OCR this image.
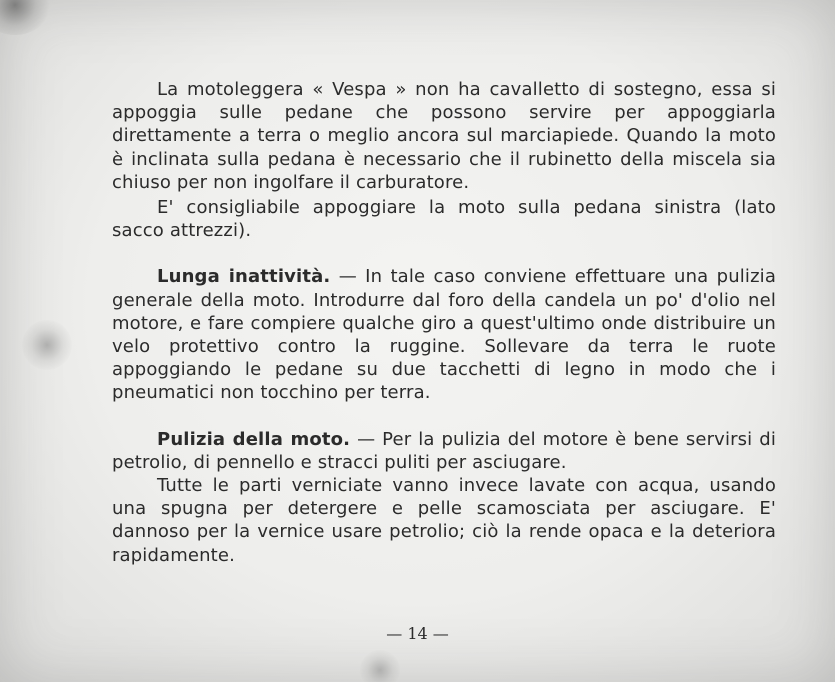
La motoleggera « Vespa » non ha cavalletto di sostegno, essa si appoggia sulle pedane che possono servire per appoggiarla direttamente a terra o meglio ancora sul marciapiede. Quando la moto è inclinata sulla pedana è necessario che il rubinetto della miscela sia chiuso per non ingolfare il carburatore.

E' consigliabile appoggiare la moto sulla pedana sinistra (lato sacco attrezzi).

Lunga inattività. — In tale caso conviene effettuare una pulizia generale della moto. Introdurre dal foro della candela un po' d'olio nel motore, e fare compiere qualche giro a quest'ultimo onde distribuire un velo protettivo contro la ruggine. Sollevare da terra le ruote appoggiando le pedane su due tacchetti di legno in modo che i pneumatici non tocchino per terra.

Pulizia della moto. — Per la pulizia del motore è bene servirsi di petrolio, di pennello e stracci puliti per asciugare.

Tutte le parti verniciate vanno invece lavate con acqua, usando una spugna per detergere e pelle scamosciata per asciugare. E' dannoso per la vernice usare petrolio; ciò la rende opaca e la deteriora rapidamente.

— 14 —
